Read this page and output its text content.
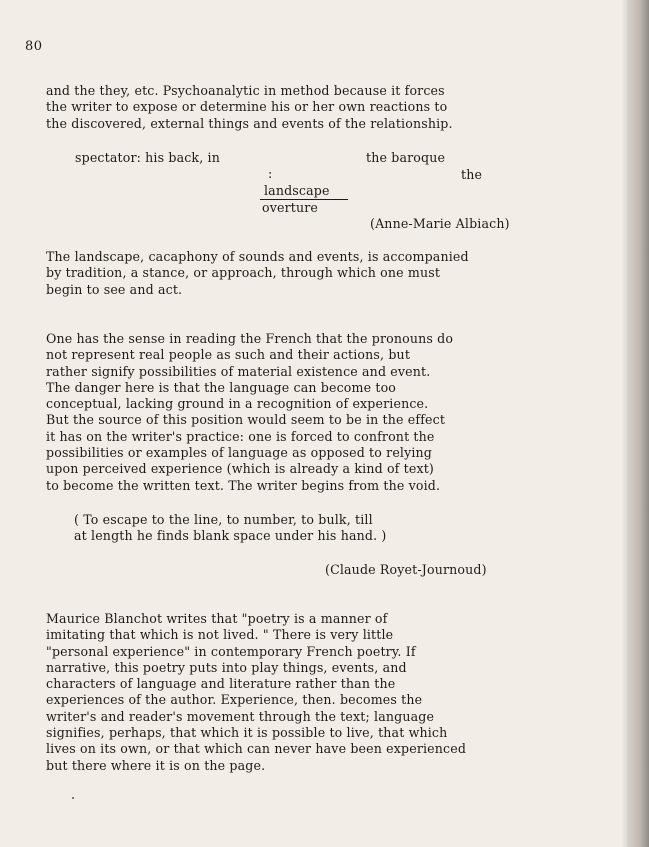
80
and the they, etc. Psychoanalytic in method because it forces
the writer to expose or determine his or her own reactions to
the discovered, external things and events of the relationship.
spectator: his back, in	the baroque
:	the
landscape
overture
(Anne-Marie Albiach)
The landscape, cacaphony of sounds and events, is accompanied
by tradition, a stance, or approach, through which one must
begin to see and act.
One has the sense in reading the French that the pronouns do
not represent real people as such and their actions, but
rather signify possibilities of material existence and event.
The danger here is that the language can become too
conceptual, lacking ground in a recognition of experience.
But the source of this position would seem to be in the effect
it has on the writer's practice: one is forced to confront the
possibilities or examples of language as opposed to relying
upon perceived experience (which is already a kind of text)
to become the written text. The writer begins from the void.
( To escape to the line, to number, to bulk, till
at length he finds blank space under his hand. )
(Claude Royet-Journoud)
Maurice Blanchot writes that "poetry is a manner of
imitating that which is not lived. " There is very little
"personal experience" in contemporary French poetry. If
narrative, this poetry puts into play things, events, and
characters of language and literature rather than the
experiences of the author. Experience, then. becomes the
writer's and reader's movement through the text; language
signifies, perhaps, that which it is possible to live, that which
lives on its own, or that which can never have been experienced
but there where it is on the page.
